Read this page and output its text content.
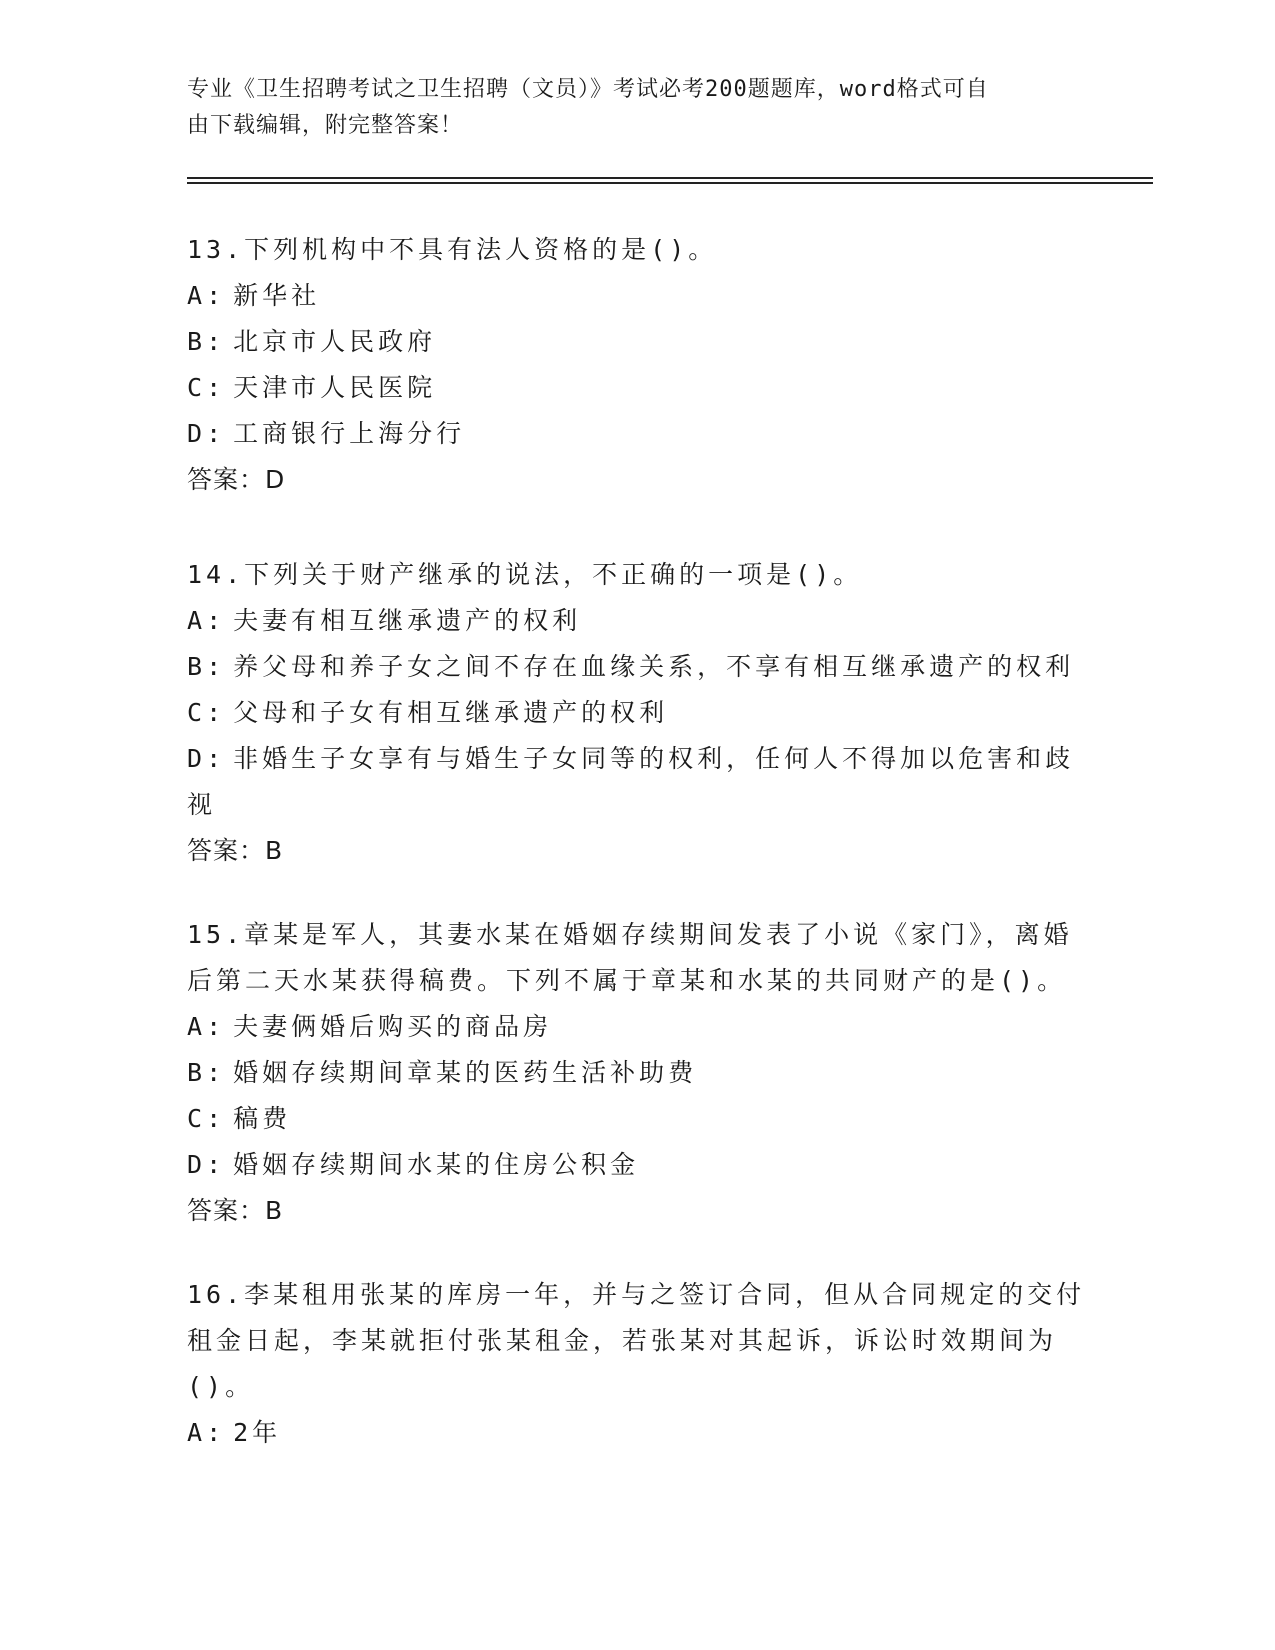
专业《卫生招聘考试之卫生招聘（文员）》考试必考200题题库，word格式可自
由下载编辑，附完整答案！
13.下列机构中不具有法人资格的是()。
A: 新华社
B: 北京市人民政府
C: 天津市人民医院
D: 工商银行上海分行
答案：D
14.下列关于财产继承的说法，不正确的一项是()。
A: 夫妻有相互继承遗产的权利
B: 养父母和养子女之间不存在血缘关系，不享有相互继承遗产的权利
C: 父母和子女有相互继承遗产的权利
D: 非婚生子女享有与婚生子女同等的权利，任何人不得加以危害和歧
视
答案：B
15.章某是军人，其妻水某在婚姻存续期间发表了小说《家门》，离婚
后第二天水某获得稿费。下列不属于章某和水某的共同财产的是()。
A: 夫妻俩婚后购买的商品房
B: 婚姻存续期间章某的医药生活补助费
C: 稿费
D: 婚姻存续期间水某的住房公积金
答案：B
16.李某租用张某的库房一年，并与之签订合同，但从合同规定的交付
租金日起，李某就拒付张某租金，若张某对其起诉，诉讼时效期间为
()。
A: 2年
